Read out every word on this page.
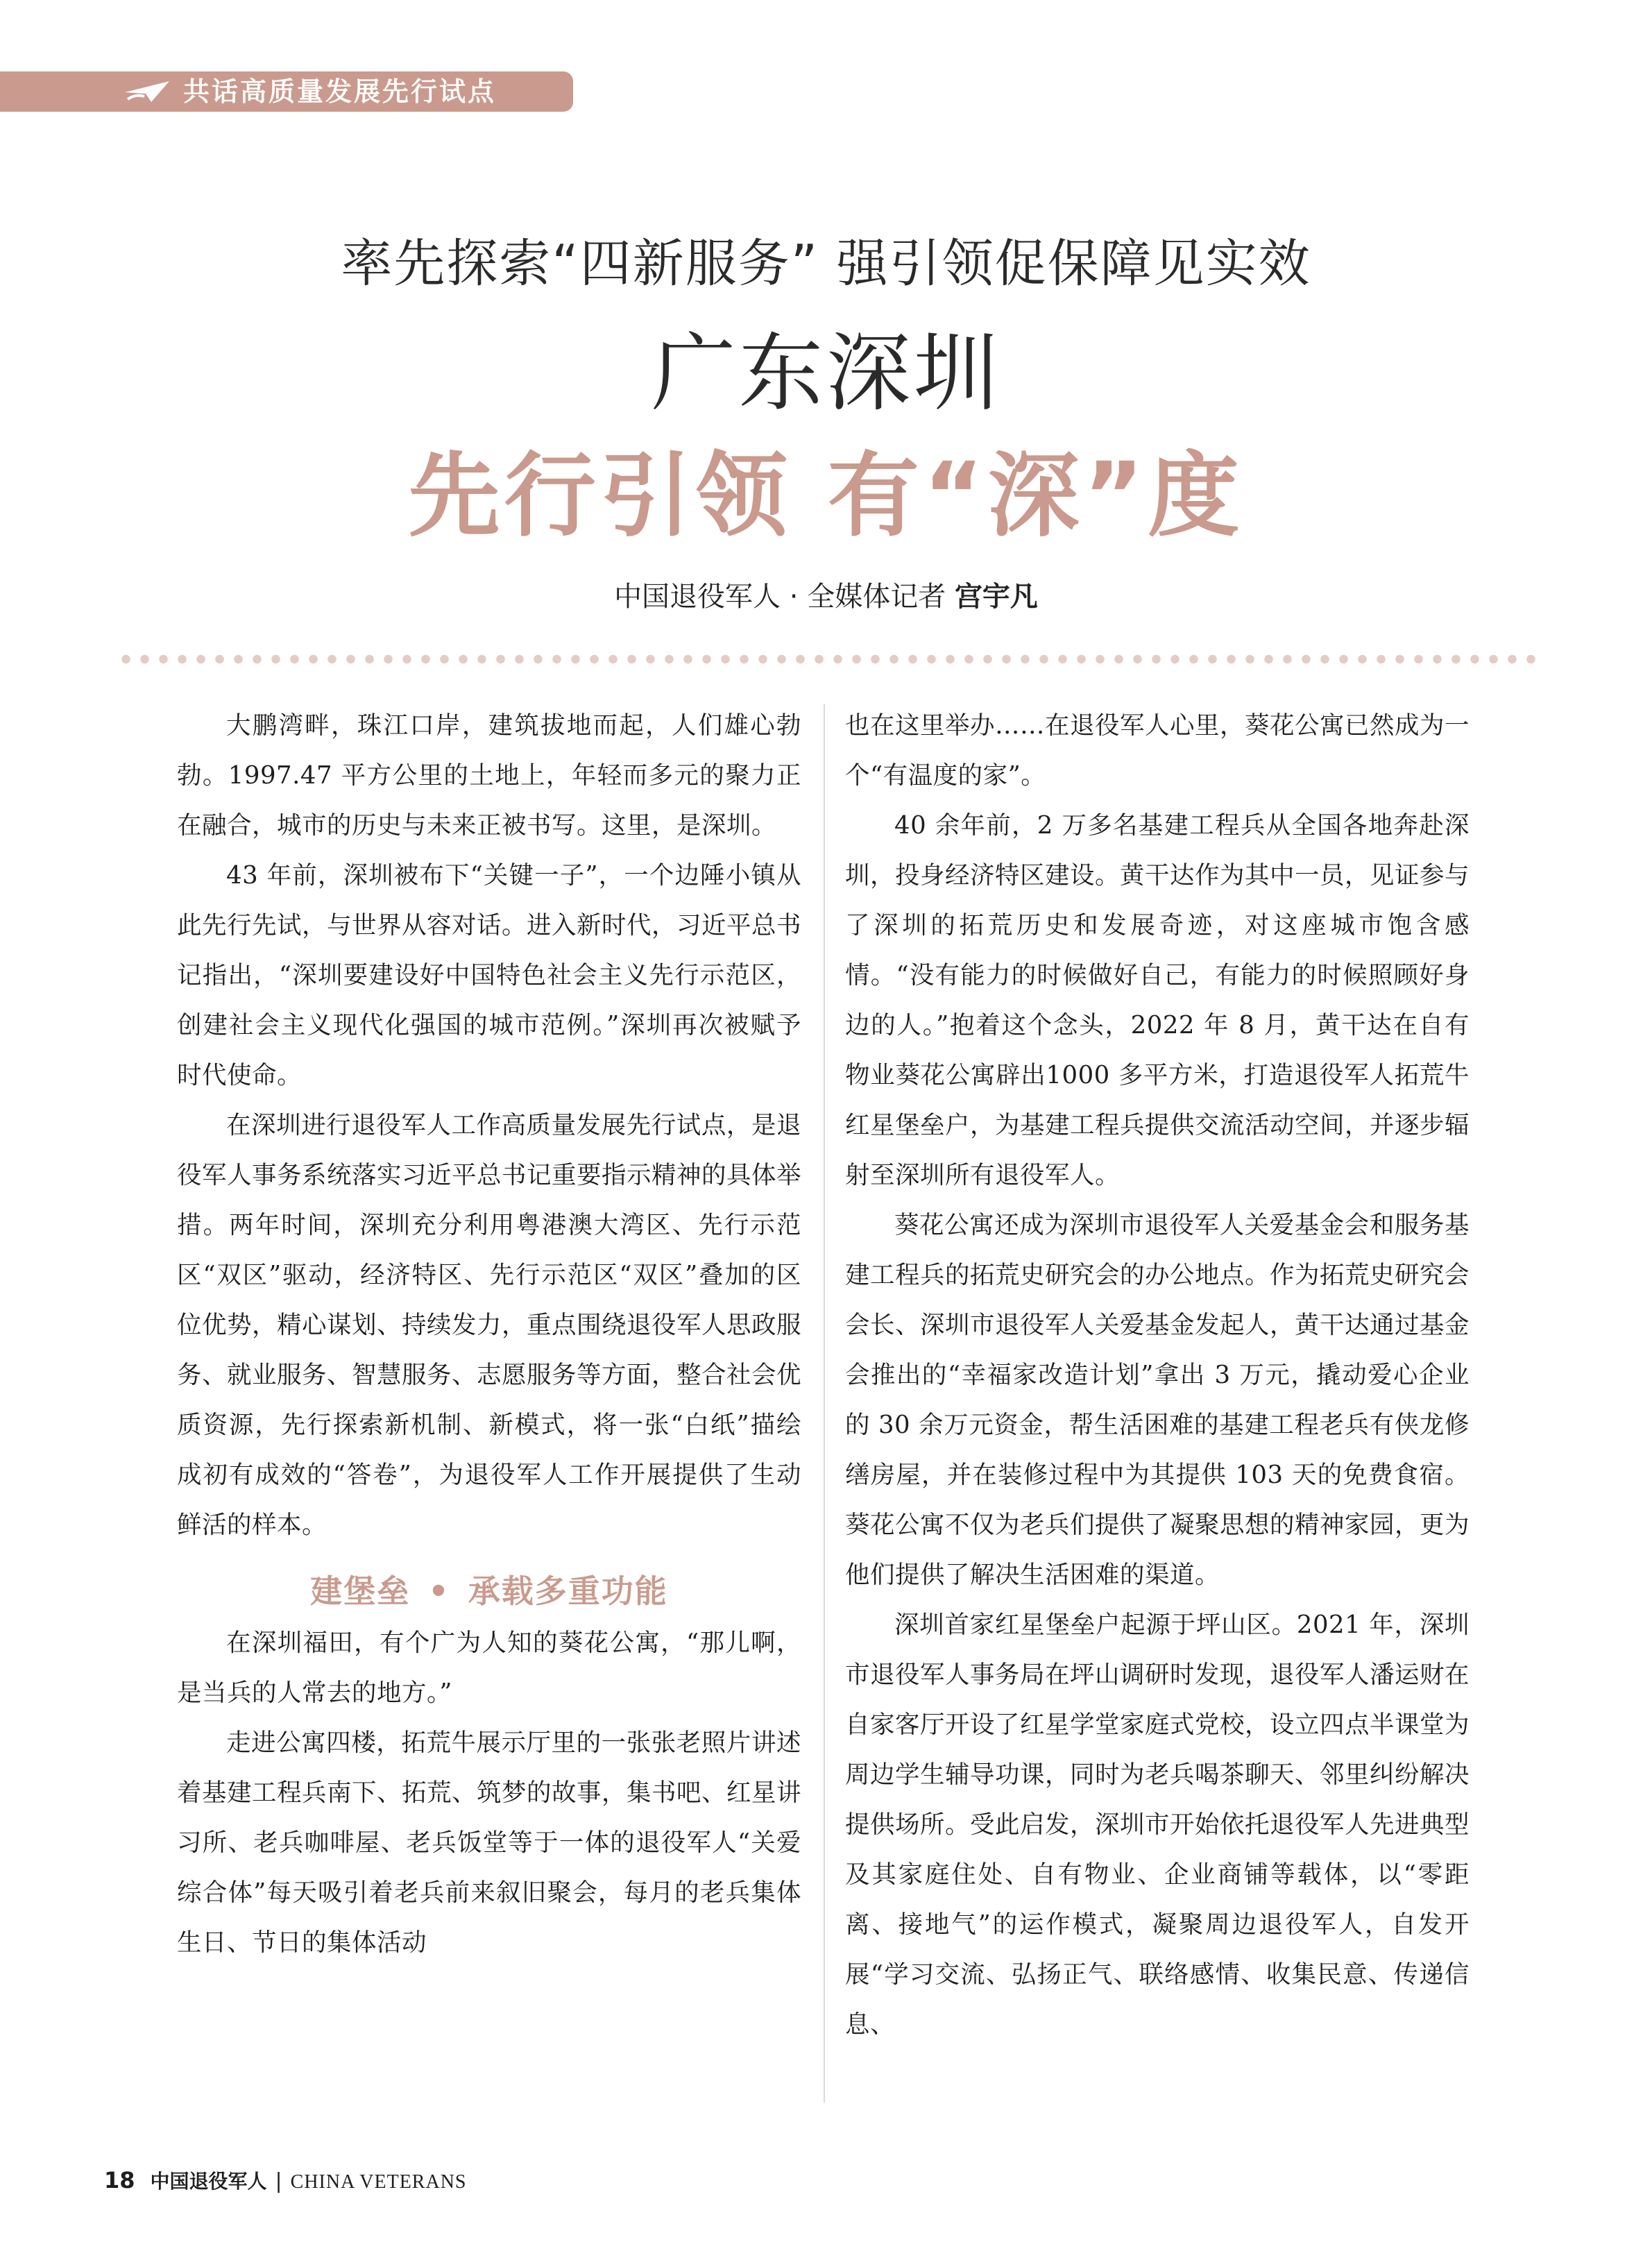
共话高质量发展先行试点
率先探索“四新服务” 强引领促保障见实效
广东深圳
先行引领 有“深”度
中国退役军人 · 全媒体记者 宫宇凡

大鹏湾畔，珠江口岸，建筑拔地而起，人们雄心勃勃。1997.47 平方公里的土地上，年轻而多元的聚力正在融合，城市的历史与未来正被书写。这里，是深圳。

43 年前，深圳被布下“关键一子”，一个边陲小镇从此先行先试，与世界从容对话。进入新时代，习近平总书记指出，“深圳要建设好中国特色社会主义先行示范区，创建社会主义现代化强国的城市范例。”深圳再次被赋予时代使命。

在深圳进行退役军人工作高质量发展先行试点，是退役军人事务系统落实习近平总书记重要指示精神的具体举措。两年时间，深圳充分利用粤港澳大湾区、先行示范区“双区”驱动，经济特区、先行示范区“双区”叠加的区位优势，精心谋划、持续发力，重点围绕退役军人思政服务、就业服务、智慧服务、志愿服务等方面，整合社会优质资源，先行探索新机制、新模式，将一张“白纸”描绘成初有成效的“答卷”，为退役军人工作开展提供了生动鲜活的样本。

建堡垒 • 承载多重功能

在深圳福田，有个广为人知的葵花公寓，“那儿啊，是当兵的人常去的地方。”

走进公寓四楼，拓荒牛展示厅里的一张张老照片讲述着基建工程兵南下、拓荒、筑梦的故事，集书吧、红星讲习所、老兵咖啡屋、老兵饭堂等于一体的退役军人“关爱综合体”每天吸引着老兵前来叙旧聚会，每月的老兵集体生日、节日的集体活动

也在这里举办……在退役军人心里，葵花公寓已然成为一个“有温度的家”。

40 余年前，2 万多名基建工程兵从全国各地奔赴深圳，投身经济特区建设。黄干达作为其中一员，见证参与了深圳的拓荒历史和发展奇迹，对这座城市饱含感情。“没有能力的时候做好自己，有能力的时候照顾好身边的人。”抱着这个念头，2022 年 8 月，黄干达在自有物业葵花公寓辟出1000 多平方米，打造退役军人拓荒牛红星堡垒户，为基建工程兵提供交流活动空间，并逐步辐射至深圳所有退役军人。

葵花公寓还成为深圳市退役军人关爱基金会和服务基建工程兵的拓荒史研究会的办公地点。作为拓荒史研究会会长、深圳市退役军人关爱基金发起人，黄干达通过基金会推出的“幸福家改造计划”拿出 3 万元，撬动爱心企业的 30 余万元资金，帮生活困难的基建工程老兵有侠龙修缮房屋，并在装修过程中为其提供 103 天的免费食宿。葵花公寓不仅为老兵们提供了凝聚思想的精神家园，更为他们提供了解决生活困难的渠道。

深圳首家红星堡垒户起源于坪山区。2021 年，深圳市退役军人事务局在坪山调研时发现，退役军人潘运财在自家客厅开设了红星学堂家庭式党校，设立四点半课堂为周边学生辅导功课，同时为老兵喝茶聊天、邻里纠纷解决提供场所。受此启发，深圳市开始依托退役军人先进典型及其家庭住处、自有物业、企业商铺等载体，以“零距离、接地气”的运作模式，凝聚周边退役军人，自发开展“学习交流、弘扬正气、联络感情、收集民意、传递信息、

18 中国退役军人 | CHINA VETERANS
